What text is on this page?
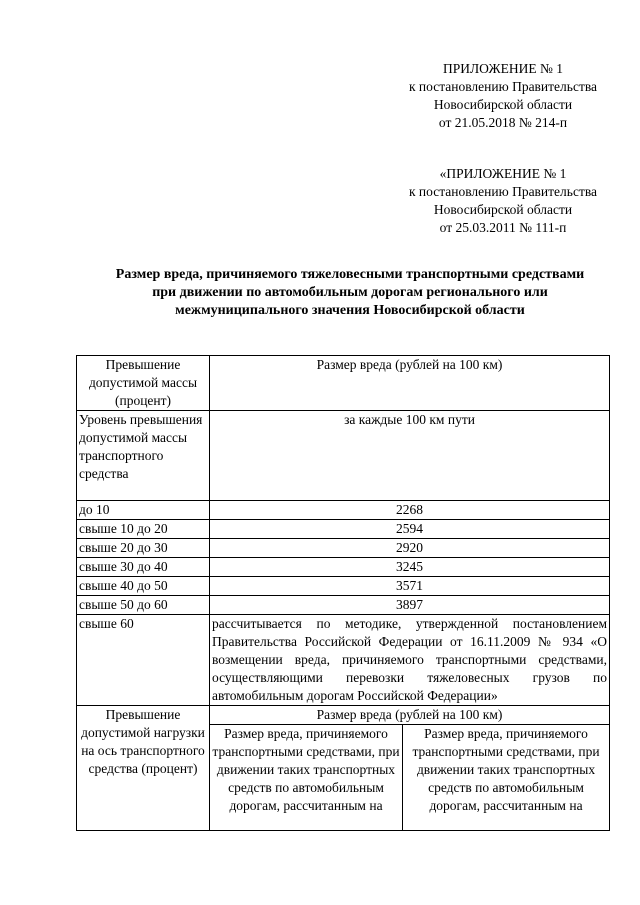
ПРИЛОЖЕНИЕ № 1
к постановлению Правительства
Новосибирской области
от 21.05.2018 № 214-п
«ПРИЛОЖЕНИЕ № 1
к постановлению Правительства
Новосибирской области
от 25.03.2011 № 111-п
Размер вреда, причиняемого тяжеловесными транспортными средствами
при движении по автомобильным дорогам регионального или
межмуниципального значения Новосибирской области
Превышение допустимой массы (процент)	Размер вреда (рублей на 100 км)	
Уровень превышения допустимой массы транспортного средства	за каждые 100 км пути	
до 10	2268	
свыше 10 до 20	2594	
свыше 20 до 30	2920	
свыше 30 до 40	3245	
свыше 40 до 50	3571	
свыше 50 до 60	3897	
свыше 60	рассчитывается по методике, утвержденной постановлением Правительства Российской Федерации от 16.11.2009 № 934 «О возмещении вреда, причиняемого транспортными средствами, осуществляющими перевозки тяжеловесных грузов по автомобильным дорогам Российской Федерации»	
Превышение допустимой нагрузки на ось транспортного средства (процент)	Размер вреда (рублей на 100 км)	
	Размер вреда, причиняемого транспортными средствами, при движении таких транспортных средств по автомобильным дорогам, рассчитанным на	Размер вреда, причиняемого транспортными средствами, при движении таких транспортных средств по автомобильным дорогам, рассчитанным на
